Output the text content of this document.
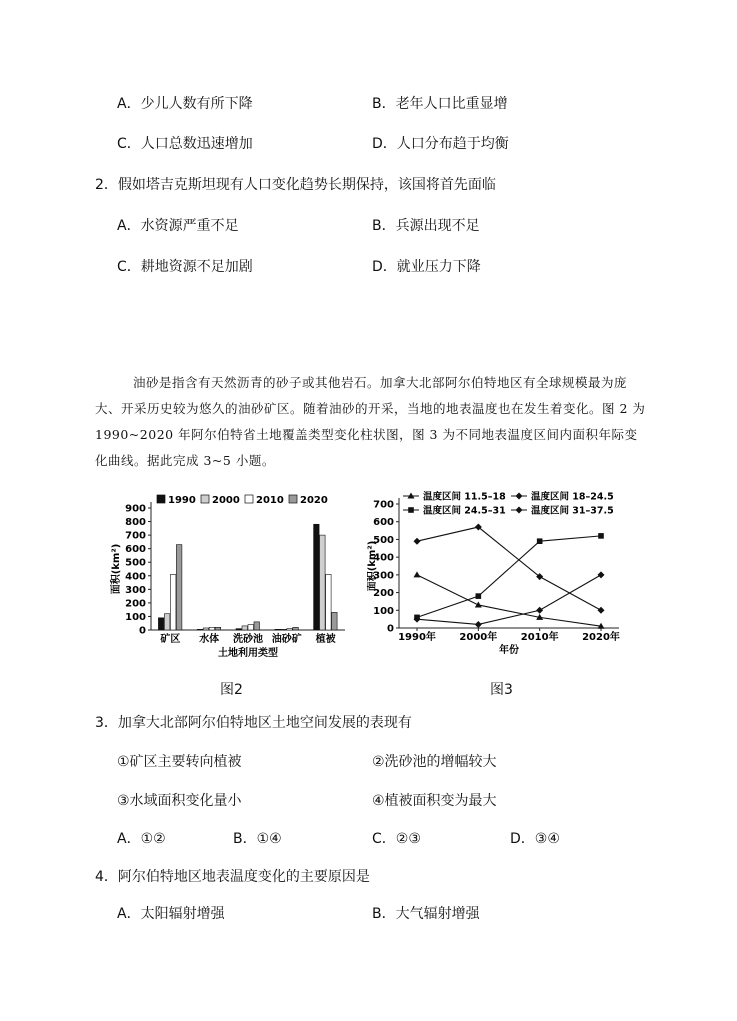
A．少儿人数有所下降	B．老年人口比重显增
C．人口总数迅速增加	D．人口分布趋于均衡
2．假如塔吉克斯坦现有人口变化趋势长期保持，该国将首先面临
A．水资源严重不足	B．兵源出现不足
C．耕地资源不足加剧	D．就业压力下降

油砂是指含有天然沥青的砂子或其他岩石。加拿大北部阿尔伯特地区有全球规模最为庞大、开采历史较为悠久的油砂矿区。随着油砂的开采，当地的地表温度也在发生着变化。图 2 为 1990~2020 年阿尔伯特省土地覆盖类型变化柱状图，图 3 为不同地表温度区间内面积年际变化曲线。据此完成 3~5 小题。

0
100
200
300
400
500
600
700
800
900
面积(km²)
矿区 水体 洗砂池 油砂矿 植被
土地利用类型
1990 2000 2010 2020
0
100
200
300
400
500
600
700
面积(km²)
1990年 2000年 2010年 2020年
年份
温度区间 11.5–18	温度区间 18–24.5
温度区间 24.5–31	温度区间 31–37.5
图2	图3
3．加拿大北部阿尔伯特地区土地空间发展的表现有
①矿区主要转向植被	②洗砂池的增幅较大
③水域面积变化量小	④植被面积变为最大
A．①②	B．①④	C．②③	D．③④
4．阿尔伯特地区地表温度变化的主要原因是
A．太阳辐射增强	B．大气辐射增强
